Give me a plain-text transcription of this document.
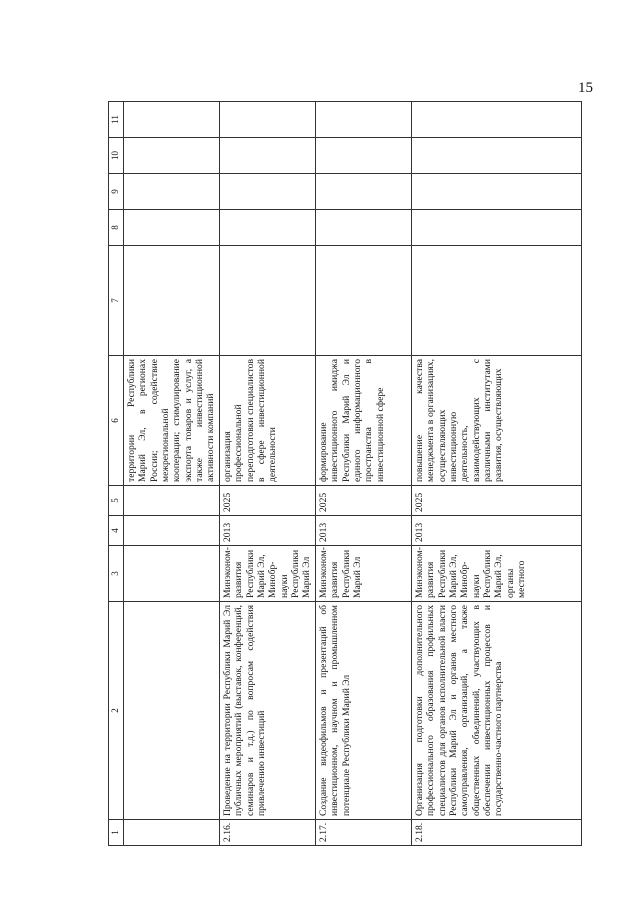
15
1	2	3	4	5	6	7	8	9	10	11
					территории Республики Марий Эл, в регионах России; содействие межрегиональной кооперации; стимулирование экспорта товаров и услуг, а также инвестиционной активности компаний					
2.16.	Проведение на территории Республики Марий Эл публичных мероприятий (выставок, конференций, семинаров и т.д.) по вопросам содействия привлечению инвестиций	Минэконом-развития Республики Марий Эл, Минобр-науки Республики Марий Эл	2013	2025	организация профессиональной переподготовки специалистов в сфере инвестиционной деятельности					
2.17.	Создание видеофильмов и презентаций об инвестиционном, научном и промышленном потенциале Республики Марий Эл	Минэконом-развития Республики Марий Эл	2013	2025	формирование инвестиционного имиджа Республики Марий Эл и единого информационного пространства в инвестиционной сфере					
2.18.	Организация подготовки дополнительного профессионального образования профильных специалистов для органов исполнительной власти Республики Марий Эл и органов местного самоуправления, организаций, а также общественных объединений, участвующих в обеспечении инвестиционных процессов и государственно-частного партнерства	Минэконом-развития Республики Марий Эл, Минобр-науки Республики Марий Эл, органы местного	2013	2025	повышение качества менеджмента в организациях, осуществляющих инвестиционную деятельность, взаимодействующих с различными институтами развития, осуществляющих					
